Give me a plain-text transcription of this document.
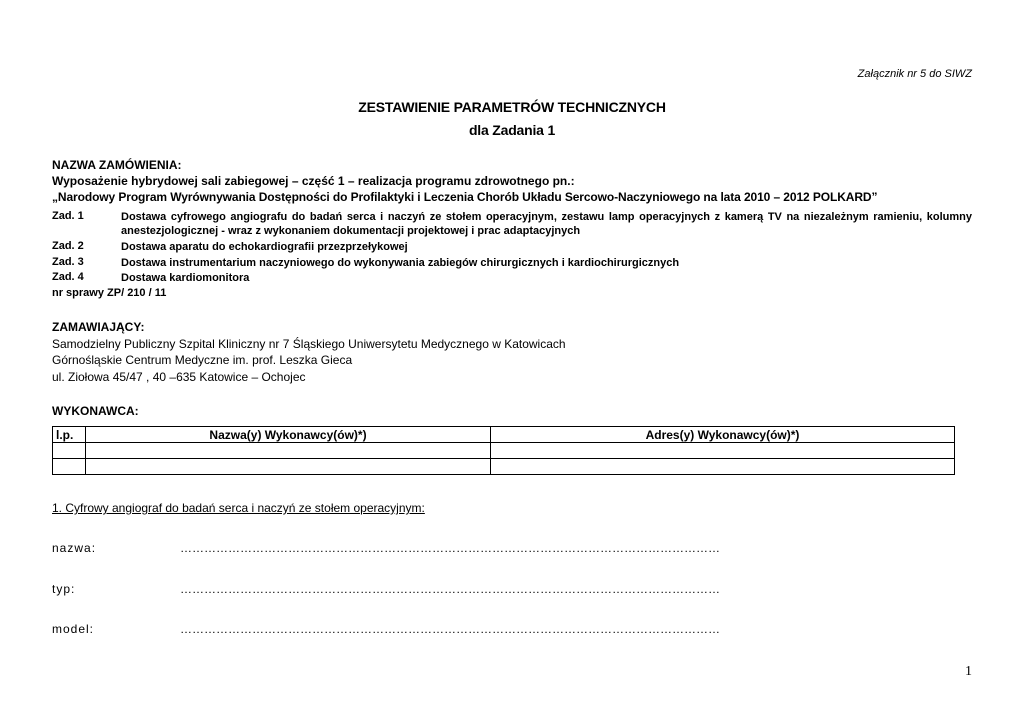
Załącznik nr 5 do SIWZ
ZESTAWIENIE PARAMETRÓW TECHNICZNYCH
dla Zadania 1
NAZWA ZAMÓWIENIA:
Wyposażenie hybrydowej sali zabiegowej – część 1 – realizacja programu zdrowotnego pn.:
„Narodowy Program Wyrównywania Dostępności do Profilaktyki i Leczenia Chorób Układu Sercowo-Naczyniowego na lata 2010 – 2012 POLKARD”
Zad. 1	Dostawa cyfrowego angiografu do badań serca i naczyń ze stołem operacyjnym, zestawu lamp operacyjnych z kamerą TV na niezależnym ramieniu, kolumny anestezjologicznej - wraz z wykonaniem dokumentacji projektowej i prac adaptacyjnych
Zad. 2	Dostawa aparatu do echokardiografii przezprzełykowej
Zad. 3	Dostawa instrumentarium naczyniowego do wykonywania zabiegów chirurgicznych i kardiochirurgicznych
Zad. 4	Dostawa kardiomonitora
nr sprawy ZP/ 210 / 11
ZAMAWIAJĄCY:
Samodzielny Publiczny Szpital Kliniczny nr 7 Śląskiego Uniwersytetu Medycznego w Katowicach
Górnośląskie Centrum Medyczne im. prof. Leszka Gieca
ul. Ziołowa 45/47 , 40 –635 Katowice – Ochojec
WYKONAWCA:
l.p.	Nazwa(y) Wykonawcy(ów)*)	Adres(y) Wykonawcy(ów)*)

1. Cyfrowy angiograf do badań serca i naczyń ze stołem operacyjnym:
nazwa:	………………………………………………………………………………………………………………………
typ:	………………………………………………………………………………………………………………………
model:	………………………………………………………………………………………………………………………
1
